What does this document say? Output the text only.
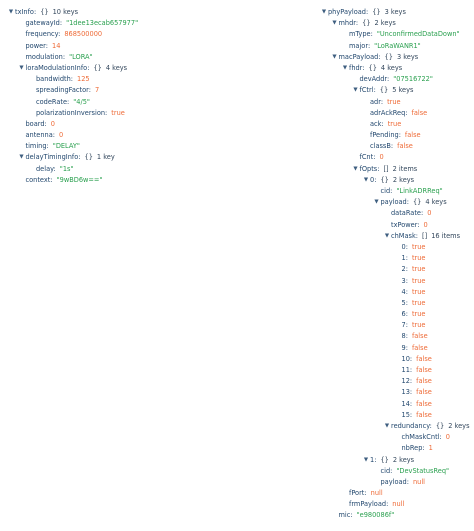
▼ txInfo: {} 10 keys
gatewayId: "1dee13ecab657977"
frequency: 868500000
power: 14
modulation: "LORA"
▼ loraModulationInfo: {} 4 keys
bandwidth: 125
spreadingFactor: 7
codeRate: "4/5"
polarizationInversion: true
board: 0
antenna: 0
timing: "DELAY"
▼ delayTimingInfo: {} 1 key
delay: "1s"
context: "9wBD6w=="
▼ phyPayload: {} 3 keys
▼ mhdr: {} 2 keys
mType: "UnconfirmedDataDown"
major: "LoRaWANR1"
▼ macPayload: {} 3 keys
▼ fhdr: {} 4 keys
devAddr: "07516722"
▼ fCtrl: {} 5 keys
adr: true
adrAckReq: false
ack: true
fPending: false
classB: false
fCnt: 0
▼ fOpts: [] 2 items
▼ 0: {} 2 keys
cid: "LinkADRReq"
▼ payload: {} 4 keys
dataRate: 0
txPower: 0
▼ chMask: [] 16 items
0: true
1: true
2: true
3: true
4: true
5: true
6: true
7: true
8: false
9: false
10: false
11: false
12: false
13: false
14: false
15: false
▼ redundancy: {} 2 keys
chMaskCntl: 0
nbRep: 1
▼ 1: {} 2 keys
cid: "DevStatusReq"
payload: null
fPort: null
frmPayload: null
mic: "e980086f"
